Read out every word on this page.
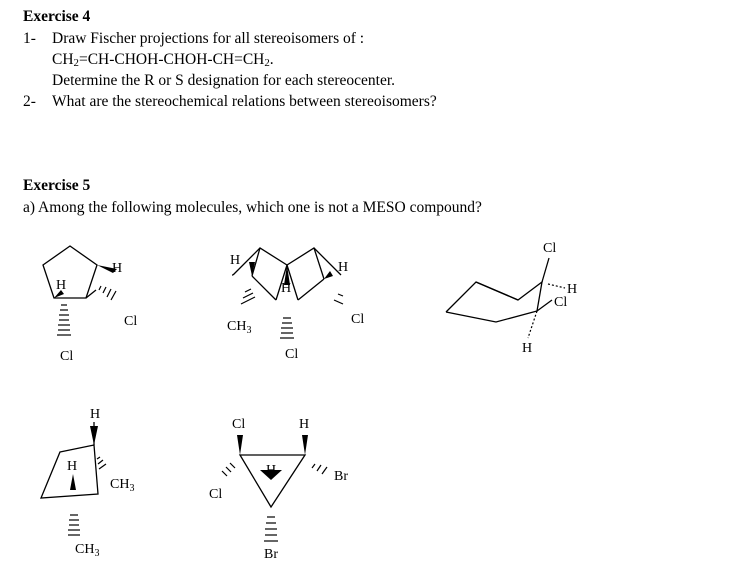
Exercise 4
1- Draw Fischer projections for all stereoisomers of :
$CH_2=CH-CHOH-CHOH-CH=CH_2$.
Determine the R or S designation for each stereocenter.
2- What are the stereochemical relations between stereoisomers?
Exercise 5
a) Among the following molecules, which one is not a MESO compound?
H
Cl
H
Cl
H
$CH_3$
H
Cl
H
Cl
Cl
H
Cl
H
H
H
$CH_3$
$CH_3$
Cl	H
H	Br
Cl
Br
